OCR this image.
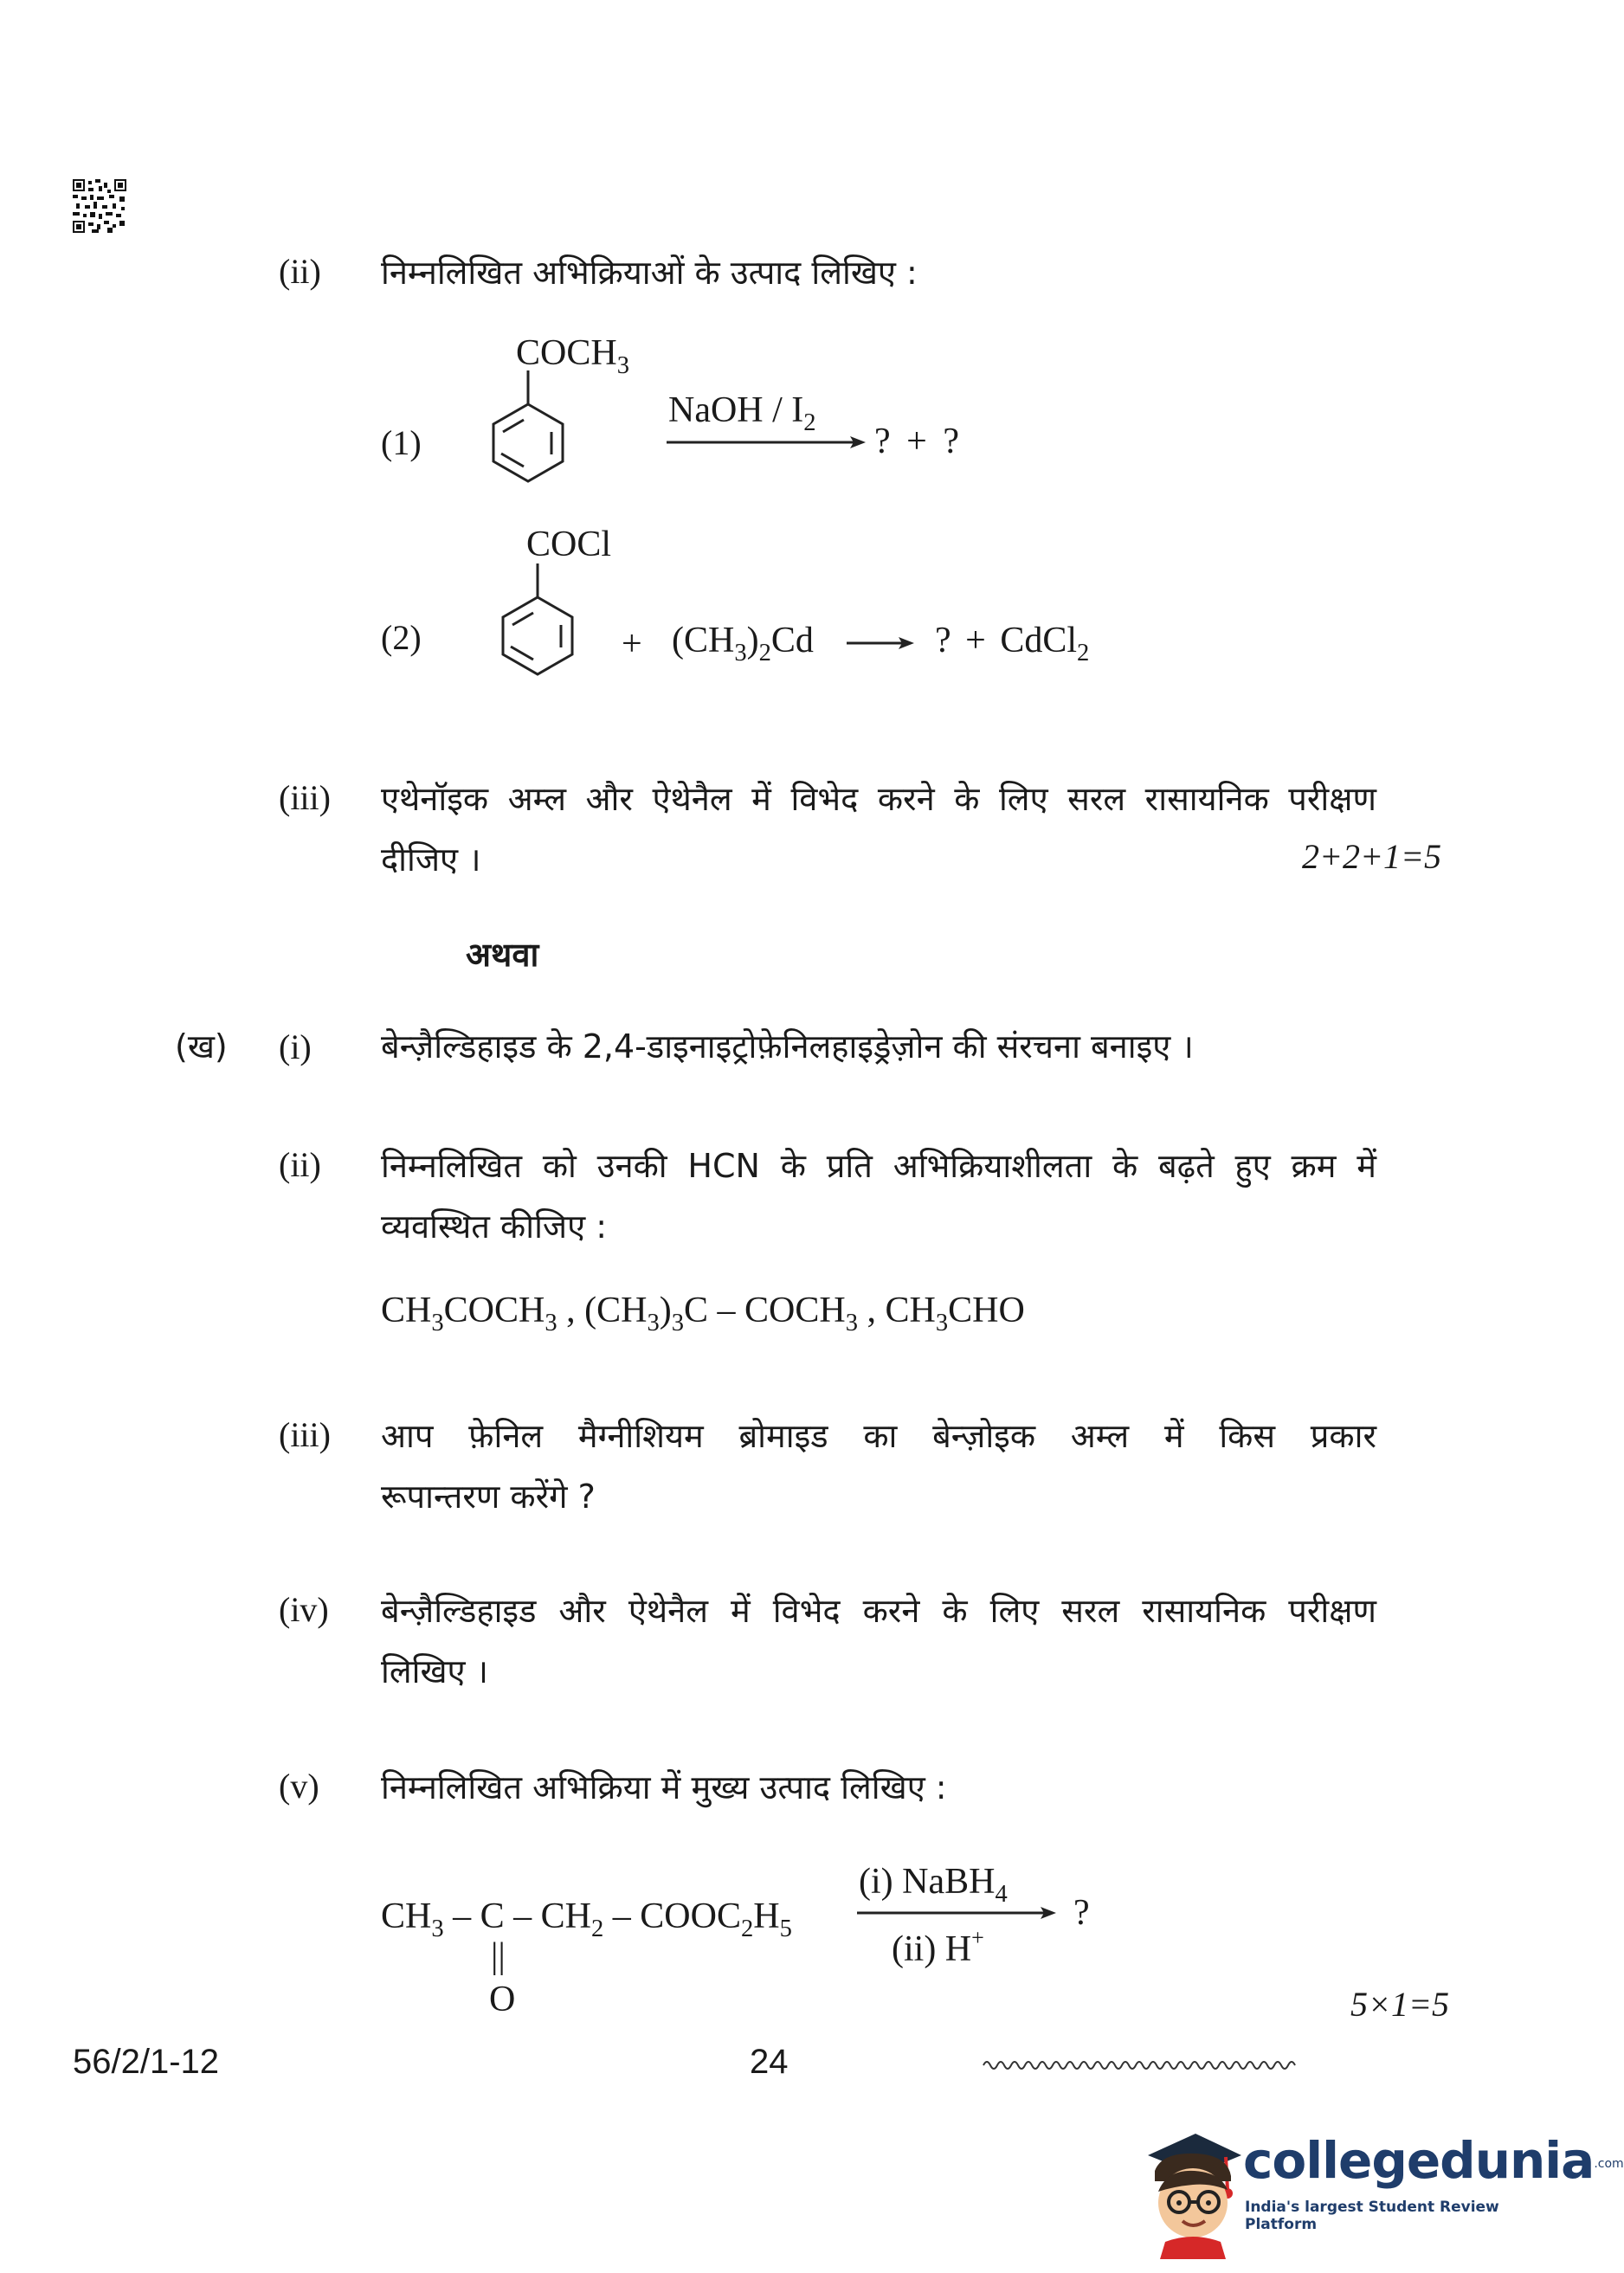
(ii) निम्नलिखित अभिक्रियाओं के उत्पाद लिखिए :
(1)
$COCH_3$
NaOH / $I_2$ ? + ?
(2)
COCl
+ $(CH_3)_2Cd$	? + CdCl$_2$
(iii) एथेनॉइक अम्ल और ऐथेनैल में विभेद करने के लिए सरल रासायनिक परीक्षण
दीजिए ।	2+2+1=5
अथवा
(ख) (i) बेन्ज़ैल्डिहाइड के 2,4-डाइनाइट्रोफ़ेनिलहाइड्रेज़ोन की संरचना बनाइए ।
(ii) निम्नलिखित को उनकी HCN के प्रति अभिक्रियाशीलता के बढ़ते हुए क्रम में
व्यवस्थित कीजिए :
$CH_3COCH_3$ , $(CH_3)_3C$ – $COCH_3$ , $CH_3CHO$
(iii) आप फ़ेनिल मैग्नीशियम ब्रोमाइड का बेन्ज़ोइक अम्ल में किस प्रकार
रूपान्तरण करेंगे ?
(iv) बेन्ज़ैल्डिहाइड और ऐथेनैल में विभेद करने के लिए सरल रासायनिक परीक्षण
लिखिए ।
(v) निम्नलिखित अभिक्रिया में मुख्य उत्पाद लिखिए :
$CH_3$ – C – $CH_2$ – $COOC_2H_5$
||
O
(i) NaBH$_4$
(ii) H+
?
5×1=5
56/2/1-12	24
collegedunia.com
India's largest Student Review Platform
